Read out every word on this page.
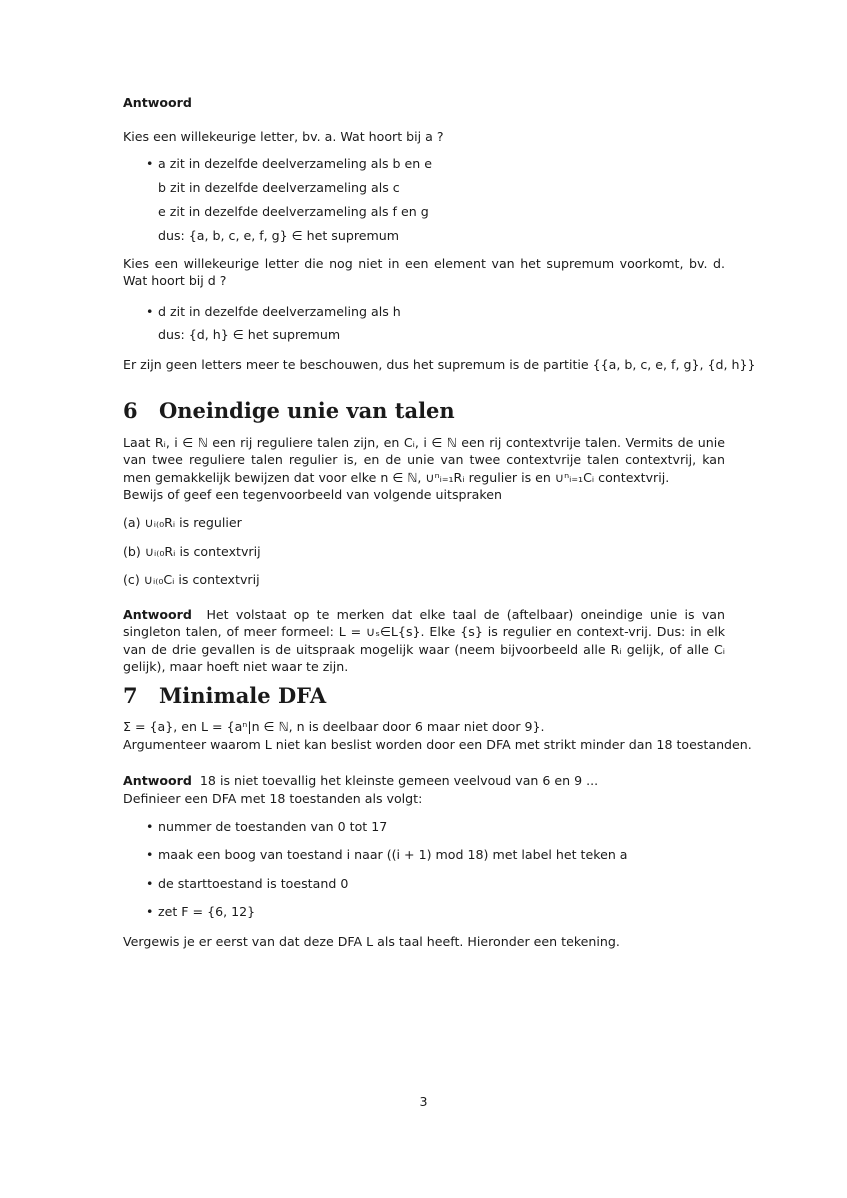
Antwoord
Kies een willekeurige letter, bv. a. Wat hoort bij a ?
• a zit in dezelfde deelverzameling als b en e
b zit in dezelfde deelverzameling als c
e zit in dezelfde deelverzameling als f en g
dus: {a, b, c, e, f, g} ∈ het supremum
Kies een willekeurige letter die nog niet in een element van het supremum voorkomt, bv. d. Wat hoort bij d ?
• d zit in dezelfde deelverzameling als h
dus: {d, h} ∈ het supremum
Er zijn geen letters meer te beschouwen, dus het supremum is de partitie {{a, b, c, e, f, g}, {d, h}}
6 Oneindige unie van talen
Laat Rᵢ, i ∈ ℕ een rij reguliere talen zijn, en Cᵢ, i ∈ ℕ een rij contextvrije talen. Vermits de unie van twee reguliere talen regulier is, en de unie van twee contextvrije talen contextvrij, kan men gemakkelijk bewijzen dat voor elke n ∈ ℕ, ∪ⁿᵢ₌₁Rᵢ regulier is en ∪ⁿᵢ₌₁Cᵢ contextvrij.
Bewijs of geef een tegenvoorbeeld van volgende uitspraken
(a) ∪ᵢ₍₀Rᵢ is regulier
(b) ∪ᵢ₍₀Rᵢ is contextvrij
(c) ∪ᵢ₍₀Cᵢ is contextvrij
Antwoord Het volstaat op te merken dat elke taal de (aftelbaar) oneindige unie is van singleton talen, of meer formeel: L = ∪ₛ∈L{s}. Elke {s} is regulier en context-vrij. Dus: in elk van de drie gevallen is de uitspraak mogelijk waar (neem bijvoorbeeld alle Rᵢ gelijk, of alle Cᵢ gelijk), maar hoeft niet waar te zijn.
7 Minimale DFA
Σ = {a}, en L = {aⁿ|n ∈ ℕ, n is deelbaar door 6 maar niet door 9}.
Argumenteer waarom L niet kan beslist worden door een DFA met strikt minder dan 18 toestanden.
Antwoord 18 is niet toevallig het kleinste gemeen veelvoud van 6 en 9 ...
Definieer een DFA met 18 toestanden als volgt:
• nummer de toestanden van 0 tot 17
• maak een boog van toestand i naar ((i + 1) mod 18) met label het teken a
• de starttoestand is toestand 0
• zet F = {6, 12}
Vergewis je er eerst van dat deze DFA L als taal heeft. Hieronder een tekening.
3
